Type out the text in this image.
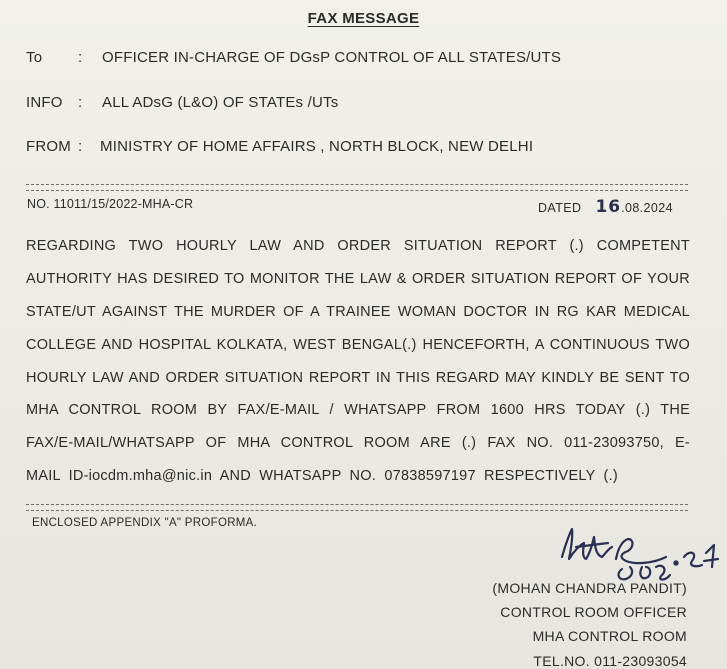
FAX MESSAGE
To : OFFICER IN-CHARGE OF DGsP CONTROL OF ALL STATES/UTS
INFO : ALL ADsG (L&O) OF STATEs /UTs
FROM : MINISTRY OF HOME AFFAIRS , NORTH BLOCK, NEW DELHI
NO. 11011/15/2022-MHA-CR	DATED 16.08.2024
REGARDING TWO HOURLY LAW AND ORDER SITUATION REPORT (.) COMPETENT
AUTHORITY HAS DESIRED TO MONITOR THE LAW & ORDER SITUATION REPORT OF YOUR
STATE/UT AGAINST THE MURDER OF A TRAINEE WOMAN DOCTOR IN RG KAR MEDICAL
COLLEGE AND HOSPITAL KOLKATA, WEST BENGAL(.) HENCEFORTH, A CONTINUOUS TWO
HOURLY LAW AND ORDER SITUATION REPORT IN THIS REGARD MAY KINDLY BE SENT TO
MHA CONTROL ROOM BY FAX/E-MAIL / WHATSAPP FROM 1600 HRS TODAY (.) THE
FAX/E-MAIL/WHATSAPP OF MHA CONTROL ROOM ARE (.) FAX NO. 011-23093750, E-
MAIL ID-iocdm.mha@nic.in AND WHATSAPP NO. 07838597197 RESPECTIVELY (.)
ENCLOSED APPENDIX "A" PROFORMA.
(MOHAN CHANDRA PANDIT)
CONTROL ROOM OFFICER
MHA CONTROL ROOM
TEL.NO. 011-23093054
